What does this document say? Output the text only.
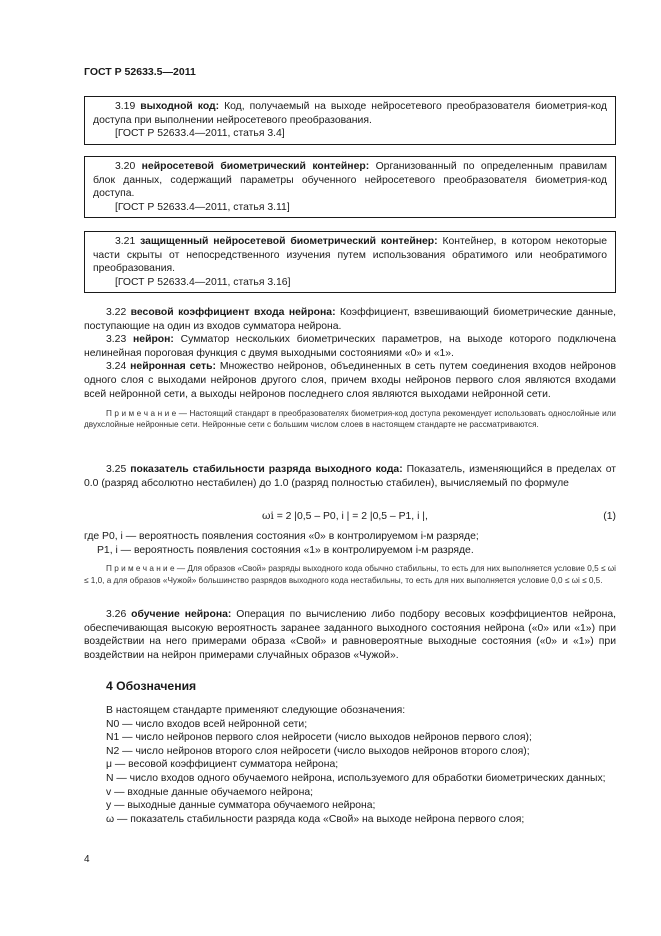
ГОСТ Р 52633.5—2011

3.19 выходной код: Код, получаемый на выходе нейросетевого преобразователя биометрия-код доступа при выполнении нейросетевого преобразования.

[ГОСТ Р 52633.4—2011, статья 3.4]

3.20 нейросетевой биометрический контейнер: Организованный по определенным правилам блок данных, содержащий параметры обученного нейросетевого преобразователя биометрия-код доступа.

[ГОСТ Р 52633.4—2011, статья 3.11]

3.21 защищенный нейросетевой биометрический контейнер: Контейнер, в котором некоторые части скрыты от непосредственного изучения путем использования обратимого или необратимого преобразования.

[ГОСТ Р 52633.4—2011, статья 3.16]

3.22 весовой коэффициент входа нейрона: Коэффициент, взвешивающий биометрические данные, поступающие на один из входов сумматора нейрона.

3.23 нейрон: Сумматор нескольких биометрических параметров, на выходе которого подключена нелинейная пороговая функция с двумя выходными состояниями «0» и «1».

3.24 нейронная сеть: Множество нейронов, объединенных в сеть путем соединения входов нейронов одного слоя с выходами нейронов другого слоя, причем входы нейронов первого слоя являются входами всей нейронной сети, а выходы нейронов последнего слоя являются выходами нейронной сети.

П р и м е ч а н и е — Настоящий стандарт в преобразователях биометрия-код доступа рекомендует использовать однослойные или двухслойные нейронные сети. Нейронные сети с большим числом слоев в настоящем стандарте не рассматриваются.

3.25 показатель стабильности разряда выходного кода: Показатель, изменяющийся в пределах от 0.0 (разряд абсолютно нестабилен) до 1.0 (разряд полностью стабилен), вычисляемый по формуле

ωi = 2 |0,5 – P0, i | = 2 |0,5 – P1, i |,	(1)

где P0, i — вероятность появления состояния «0» в контролируемом i-м разряде;

P1, i — вероятность появления состояния «1» в контролируемом i-м разряде.

П р и м е ч а н и е — Для образов «Свой» разряды выходного кода обычно стабильны, то есть для них выполняется условие 0,5 ≤ ωi ≤ 1,0, а для образов «Чужой» большинство разрядов выходного кода нестабильны, то есть для них выполняется условие 0,0 ≤ ωi ≤ 0,5.

3.26 обучение нейрона: Операция по вычислению либо подбору весовых коэффициентов нейрона, обеспечивающая высокую вероятность заранее заданного выходного состояния нейрона («0» или «1») при воздействии на него примерами образа «Свой» и равновероятные выходные состояния («0» и «1») при воздействии на нейрон примерами случайных образов «Чужой».

4 Обозначения

В настоящем стандарте применяют следующие обозначения:

N0 — число входов всей нейронной сети;

N1 — число нейронов первого слоя нейросети (число выходов нейронов первого слоя);

N2 — число нейронов второго слоя нейросети (число выходов нейронов второго слоя);

μ — весовой коэффициент сумматора нейрона;

N — число входов одного обучаемого нейрона, используемого для обработки биометрических данных;

v — входные данные обучаемого нейрона;

y — выходные данные сумматора обучаемого нейрона;

ω — показатель стабильности разряда кода «Свой» на выходе нейрона первого слоя;

4
